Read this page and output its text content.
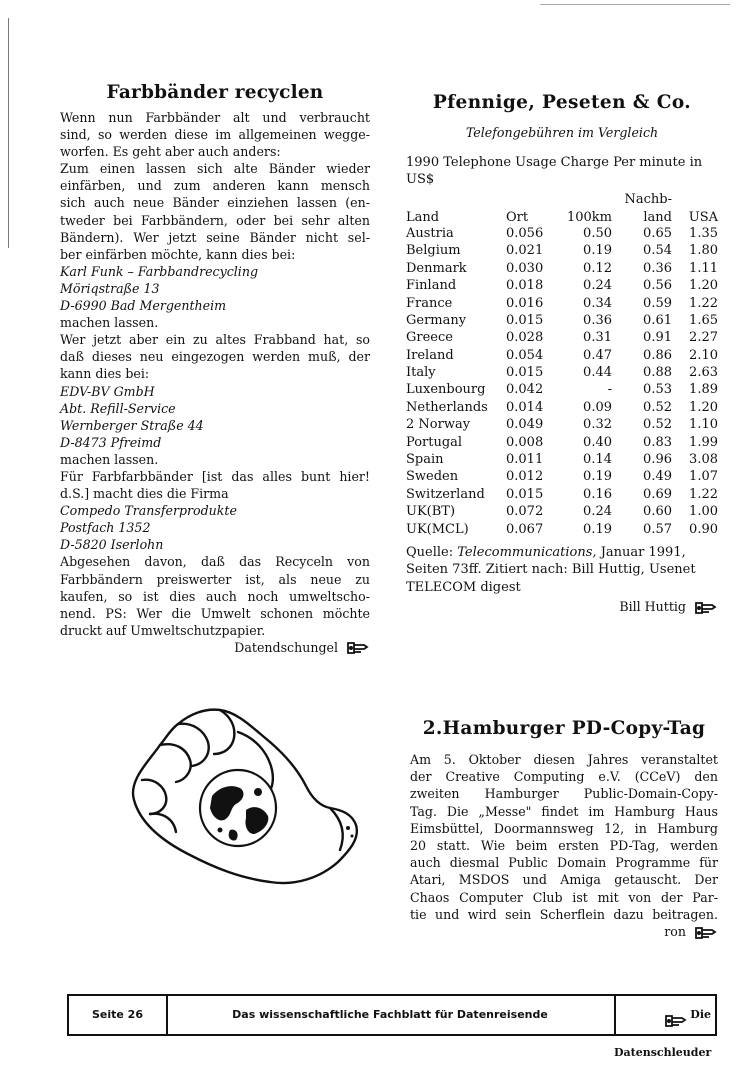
Farbbänder recyclen
Wenn nun Farbbänder alt und verbraucht
sind, so werden diese im allgemeinen wegge-
worfen. Es geht aber auch anders:
Zum einen lassen sich alte Bänder wieder
einfärben, und zum anderen kann mensch
sich auch neue Bänder einziehen lassen (en-
tweder bei Farbbändern, oder bei sehr alten
Bändern). Wer jetzt seine Bänder nicht sel-
ber einfärben möchte, kann dies bei:
Karl Funk – Farbbandrecycling
Möriqstraße 13
D-6990 Bad Mergentheim
machen lassen.
Wer jetzt aber ein zu altes Frabband hat, so
daß dieses neu eingezogen werden muß, der
kann dies bei:
EDV-BV GmbH
Abt. Refill-Service
Wernberger Straße 44
D-8473 Pfreimd
machen lassen.
Für Farbfarbbänder [ist das alles bunt hier!
d.S.] macht dies die Firma
Compedo Transferprodukte
Postfach 1352
D-5820 Iserlohn
Abgesehen davon, daß das Recyceln von
Farbbändern preiswerter ist, als neue zu
kaufen, so ist dies auch noch umweltscho-
nend. PS: Wer die Umwelt schonen möchte
druckt auf Umweltschutzpapier.
Datendschungel
Pfennige, Peseten & Co.
Telefongebühren im Vergleich
1990 Telephone Usage Charge Per minute in US$
			Nachb-	
Land	Ort	100km	land	USA
Austria	0.056	0.50	0.65	1.35
Belgium	0.021	0.19	0.54	1.80
Denmark	0.030	0.12	0.36	1.11
Finland	0.018	0.24	0.56	1.20
France	0.016	0.34	0.59	1.22
Germany	0.015	0.36	0.61	1.65
Greece	0.028	0.31	0.91	2.27
Ireland	0.054	0.47	0.86	2.10
Italy	0.015	0.44	0.88	2.63
Luxenbourg	0.042	-	0.53	1.89
Netherlands	0.014	0.09	0.52	1.20
2 Norway	0.049	0.32	0.52	1.10
Portugal	0.008	0.40	0.83	1.99
Spain	0.011	0.14	0.96	3.08
Sweden	0.012	0.19	0.49	1.07
Switzerland	0.015	0.16	0.69	1.22
UK(BT)	0.072	0.24	0.60	1.00
UK(MCL)	0.067	0.19	0.57	0.90
Quelle: Telecommunications, Januar 1991,
Seiten 73ff. Zitiert nach: Bill Huttig, Usenet
TELECOM digest
Bill Huttig
2.Hamburger PD-Copy-Tag
Am 5. Oktober diesen Jahres veranstaltet
der Creative Computing e.V. (CCeV) den
zweiten Hamburger Public-Domain-Copy-
Tag. Die „Messe" findet im Hamburg Haus
Eimsbüttel, Doormannsweg 12, in Hamburg
20 statt. Wie beim ersten PD-Tag, werden
auch diesmal Public Domain Programme für
Atari, MSDOS und Amiga getauscht. Der
Chaos Computer Club ist mit von der Par-
tie und wird sein Scherflein dazu beitragen.
ron
Seite 26	Das wissenschaftliche Fachblatt für Datenreisende	Die Datenschleuder
